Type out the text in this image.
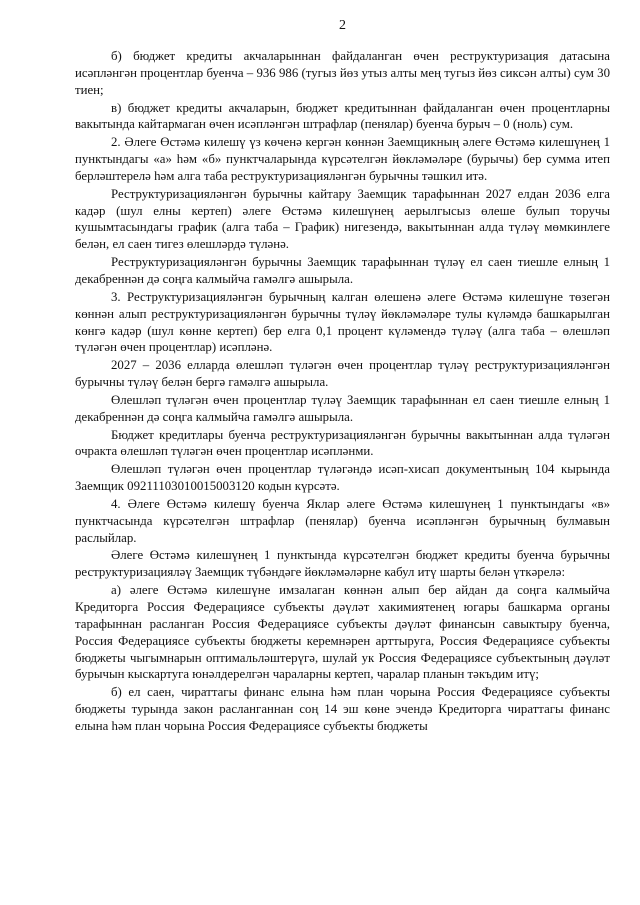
2

б) бюджет кредиты акчаларыннан файдаланган өчен реструктуризация датасына исәпләнгән процентлар буенча – 936 986 (тугыз йөз утыз алты мең тугыз йөз сиксән алты) сум 30 тиен;

в) бюджет кредиты акчаларын, бюджет кредитыннан файдаланган өчен процентларны вакытында кайтармаган өчен исәпләнгән штрафлар (пенялар) буенча бурыч – 0 (ноль) сум.

2. Әлеге Өстәмә килешү үз көченә кергән көннән Заемщикның әлеге Өстәмә килешүнең 1 пунктындагы «а» һәм «б» пунктчаларында күрсәтелгән йөкләмәләре (бурычы) бер сумма итеп берләштерелә һәм алга таба реструктуризацияләнгән бурычны тәшкил итә.

Реструктуризацияләнгән бурычны кайтару Заемщик тарафыннан 2027 елдан 2036 елга кадәр (шул елны кертеп) әлеге Өстәмә килешүнең аерылгысыз өлеше булып торучы кушымтасындагы график (алга таба – График) нигезендә, вакытыннан алда түләү мөмкинлеге белән, ел саен тигез өлешләрдә түләнә.

Реструктуризацияләнгән бурычны Заемщик тарафыннан түләү ел саен тиешле елның 1 декабреннән дә соңга калмыйча гамәлгә ашырыла.

3. Реструктуризацияләнгән бурычның калган өлешенә әлеге Өстәмә килешүне төзегән көннән алып реструктуризацияләнгән бурычны түләү йөкләмәләре тулы күләмдә башкарылган көнгә кадәр (шул көнне кертеп) бер елга 0,1 процент күләмендә түләү (алга таба – өлешләп түләгән өчен процентлар) исәпләнә.

2027 – 2036 елларда өлешләп түләгән өчен процентлар түләү реструктуризацияләнгән бурычны түләү белән бергә гамәлгә ашырыла.

Өлешләп түләгән өчен процентлар түләү Заемщик тарафыннан ел саен тиешле елның 1 декабреннән дә соңга калмыйча гамәлгә ашырыла.

Бюджет кредитлары буенча реструктуризацияләнгән бурычны вакытыннан алда түләгән очракта өлешләп түләгән өчен процентлар исәпләнми.

Өлешләп түләгән өчен процентлар түләгәндә исәп-хисап документының 104 кырында Заемщик 09211103010015003120 кодын күрсәтә.

4. Әлеге Өстәмә килешү буенча Яклар әлеге Өстәмә килешүнең 1 пунктындагы «в» пунктчасында күрсәтелгән штрафлар (пенялар) буенча исәпләнгән бурычның булмавын раслыйлар.

Әлеге Өстәмә килешүнең 1 пунктында күрсәтелгән бюджет кредиты буенча бурычны реструктуризацияләү Заемщик түбәндәге йөкләмәләрне кабул итү шарты белән үткәрелә:

а) әлеге Өстәмә килешүне имзалаган көннән алып бер айдан да соңга калмыйча Кредиторга Россия Федерациясе субъекты дәүләт хакимиятенең югары башкарма органы тарафыннан расланган Россия Федерациясе субъекты дәүләт финансын савыктыру буенча, Россия Федерациясе субъекты бюджеты керемнәрен арттыруга, Россия Федерациясе субъекты бюджеты чыгымнарын оптимальләштерүгә, шулай ук Россия Федерациясе субъектының дәүләт бурычын кыскартуга юнәлдерелгән чараларны кертеп, чаралар планын тәкъдим итү;

б) ел саен, чираттагы финанс елына һәм план чорына Россия Федерациясе субъекты бюджеты турында закон расланганнан соң 14 эш көне эчендә Кредиторга чираттагы финанс елына һәм план чорына Россия Федерациясе субъекты бюджеты
